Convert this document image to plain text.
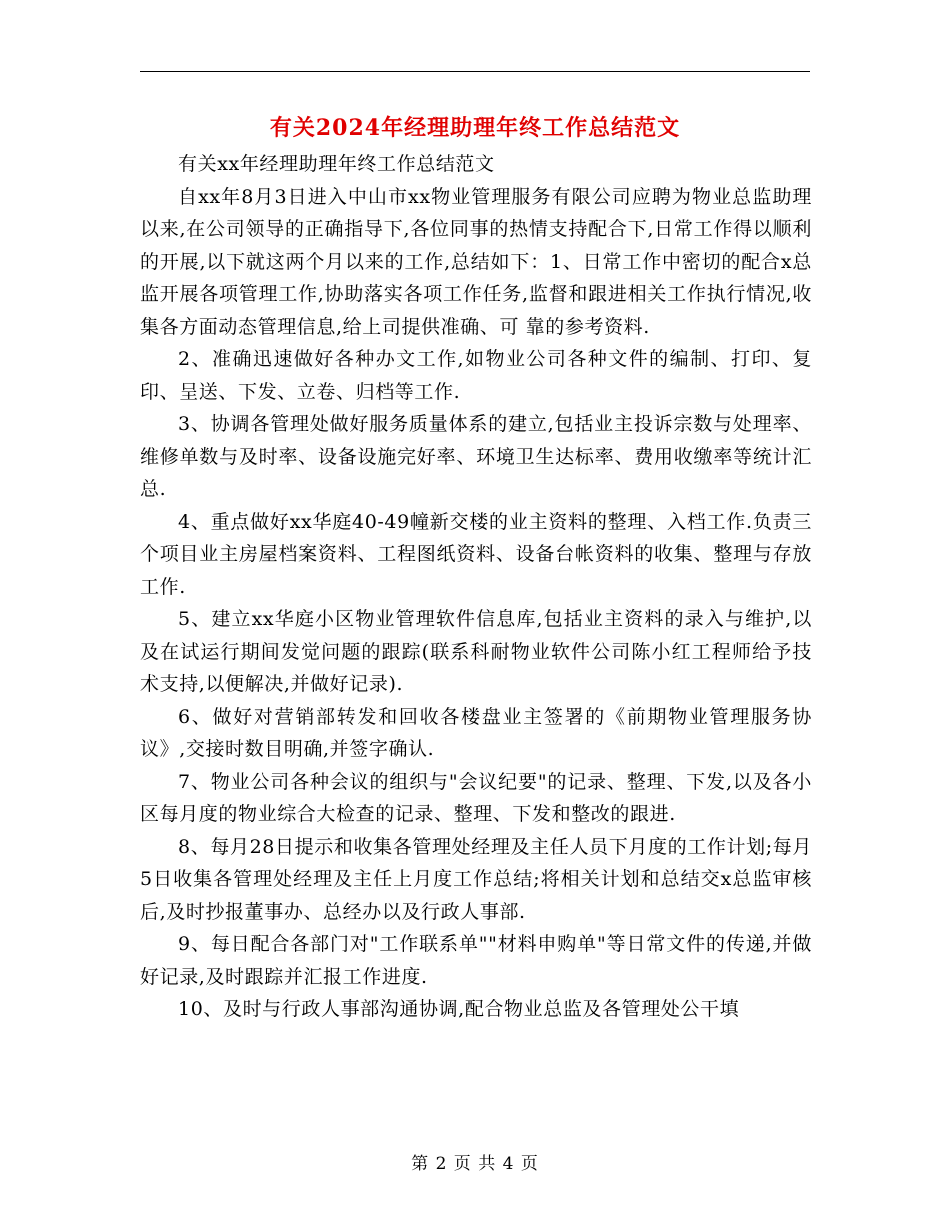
有关2024年经理助理年终工作总结范文

有关xx年经理助理年终工作总结范文

自xx年8月3日进入中山市xx物业管理服务有限公司应聘为物业总监助理以来,在公司领导的正确指导下,各位同事的热情支持配合下,日常工作得以顺利的开展,以下就这两个月以来的工作,总结如下：1、日常工作中密切的配合x总监开展各项管理工作,协助落实各项工作任务,监督和跟进相关工作执行情况,收集各方面动态管理信息,给上司提供准确、可 靠的参考资料.

2、准确迅速做好各种办文工作,如物业公司各种文件的编制、打印、复印、呈送、下发、立卷、归档等工作.

3、协调各管理处做好服务质量体系的建立,包括业主投诉宗数与处理率、维修单数与及时率、设备设施完好率、环境卫生达标率、费用收缴率等统计汇总.

4、重点做好xx华庭40-49幢新交楼的业主资料的整理、入档工作.负责三个项目业主房屋档案资料、工程图纸资料、设备台帐资料的收集、整理与存放工作.

5、建立xx华庭小区物业管理软件信息库,包括业主资料的录入与维护,以及在试运行期间发觉问题的跟踪(联系科耐物业软件公司陈小红工程师给予技术支持,以便解决,并做好记录).

6、做好对营销部转发和回收各楼盘业主签署的《前期物业管理服务协议》,交接时数目明确,并签字确认.

7、物业公司各种会议的组织与"会议纪要"的记录、整理、下发,以及各小区每月度的物业综合大检查的记录、整理、下发和整改的跟进.

8、每月28日提示和收集各管理处经理及主任人员下月度的工作计划;每月5日收集各管理处经理及主任上月度工作总结;将相关计划和总结交x总监审核后,及时抄报董事办、总经办以及行政人事部.

9、每日配合各部门对"工作联系单""材料申购单"等日常文件的传递,并做好记录,及时跟踪并汇报工作进度.

10、及时与行政人事部沟通协调,配合物业总监及各管理处公干填

第 2 页 共 4 页
